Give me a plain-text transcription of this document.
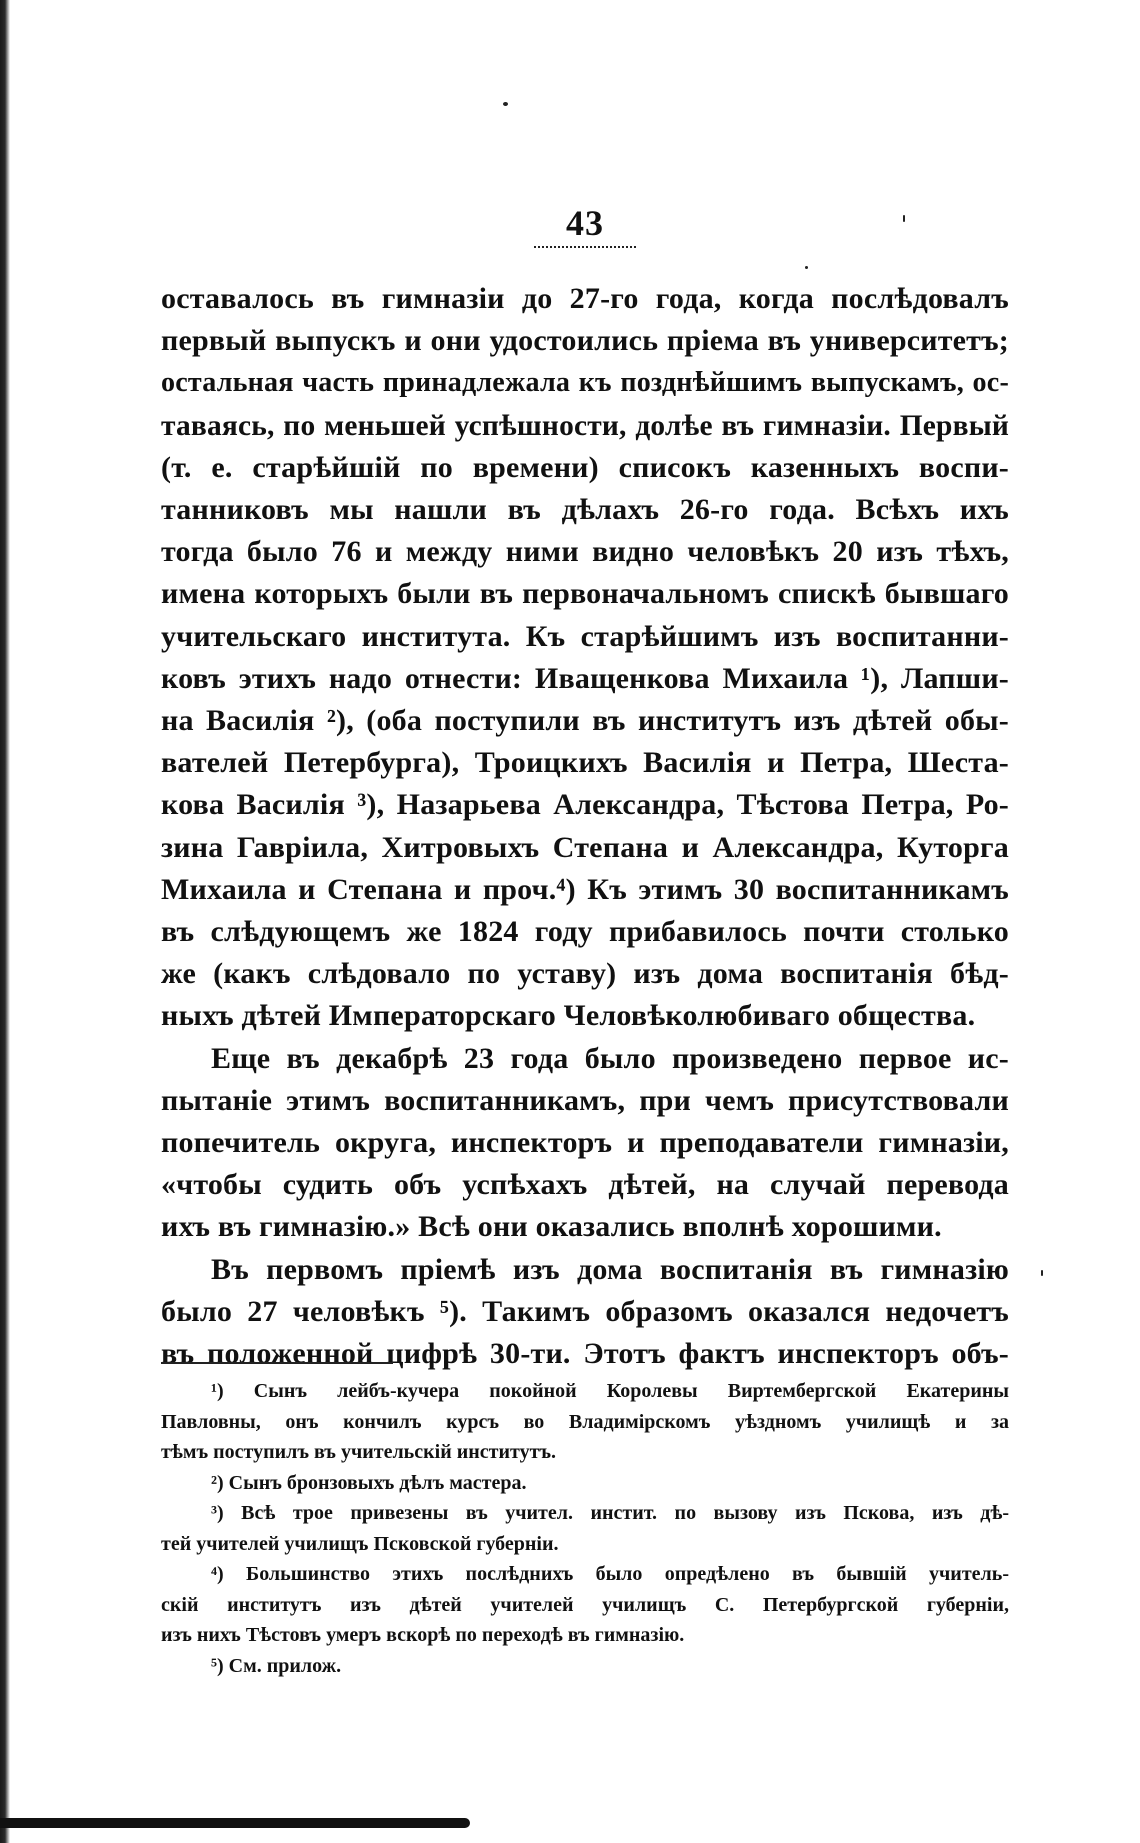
43
оставалось въ гимназіи до 27-го года, когда послѣдовалъ
первый выпускъ и они удостоились пріема въ университетъ;
остальная часть принадлежала къ позднѣйшимъ выпускамъ, ос-
таваясь, по меньшей успѣшности, долѣе въ гимназіи. Первый
(т. е. старѣйшій по времени) списокъ казенныхъ воспи-
танниковъ мы нашли въ дѣлахъ 26-го года. Всѣхъ ихъ
тогда было 76 и между ними видно человѣкъ 20 изъ тѣхъ,
имена которыхъ были въ первоначальномъ спискѣ бывшаго
учительскаго института. Къ старѣйшимъ изъ воспитанни-
ковъ этихъ надо отнести: Иващенкова Михаила ¹), Лапши-
на Василія ²), (оба поступили въ институтъ изъ дѣтей обы-
вателей Петербурга), Троицкихъ Василія и Петра, Шеста-
кова Василія ³), Назарьева Александра, Тѣстова Петра, Ро-
зина Гавріила, Хитровыхъ Степана и Александра, Куторга
Михаила и Степана и проч.⁴) Къ этимъ 30 воспитанникамъ
въ слѣдующемъ же 1824 году прибавилось почти столько
же (какъ слѣдовало по уставу) изъ дома воспитанія бѣд-
ныхъ дѣтей Императорскаго Человѣколюбиваго общества.
Еще въ декабрѣ 23 года было произведено первое ис-
пытаніе этимъ воспитанникамъ, при чемъ присутствовали
попечитель округа, инспекторъ и преподаватели гимназіи,
«чтобы судить объ успѣхахъ дѣтей, на случай перевода
ихъ въ гимназію.» Всѣ они оказались вполнѣ хорошими.
Въ первомъ пріемѣ изъ дома воспитанія въ гимназію
было 27 человѣкъ ⁵). Такимъ образомъ оказался недочетъ
въ положенной цифрѣ 30-ти. Этотъ фактъ инспекторъ объ-
¹) Сынъ лейбъ-кучера покойной Королевы Виртембергской Екатерины
Павловны, онъ кончилъ курсъ во Владимірскомъ уѣздномъ училищѣ и за
тѣмъ поступилъ въ учительскій институтъ.
²) Сынъ бронзовыхъ дѣлъ мастера.
³) Всѣ трое привезены въ учител. инстит. по вызову изъ Пскова, изъ дѣ-
тей учителей училищъ Псковской губерніи.
⁴) Большинство этихъ послѣднихъ было опредѣлено въ бывшій учитель-
скій институтъ изъ дѣтей учителей училищъ С. Петербургской губерніи,
изъ нихъ Тѣстовъ умеръ вскорѣ по переходѣ въ гимназію.
⁵) См. прилож.
